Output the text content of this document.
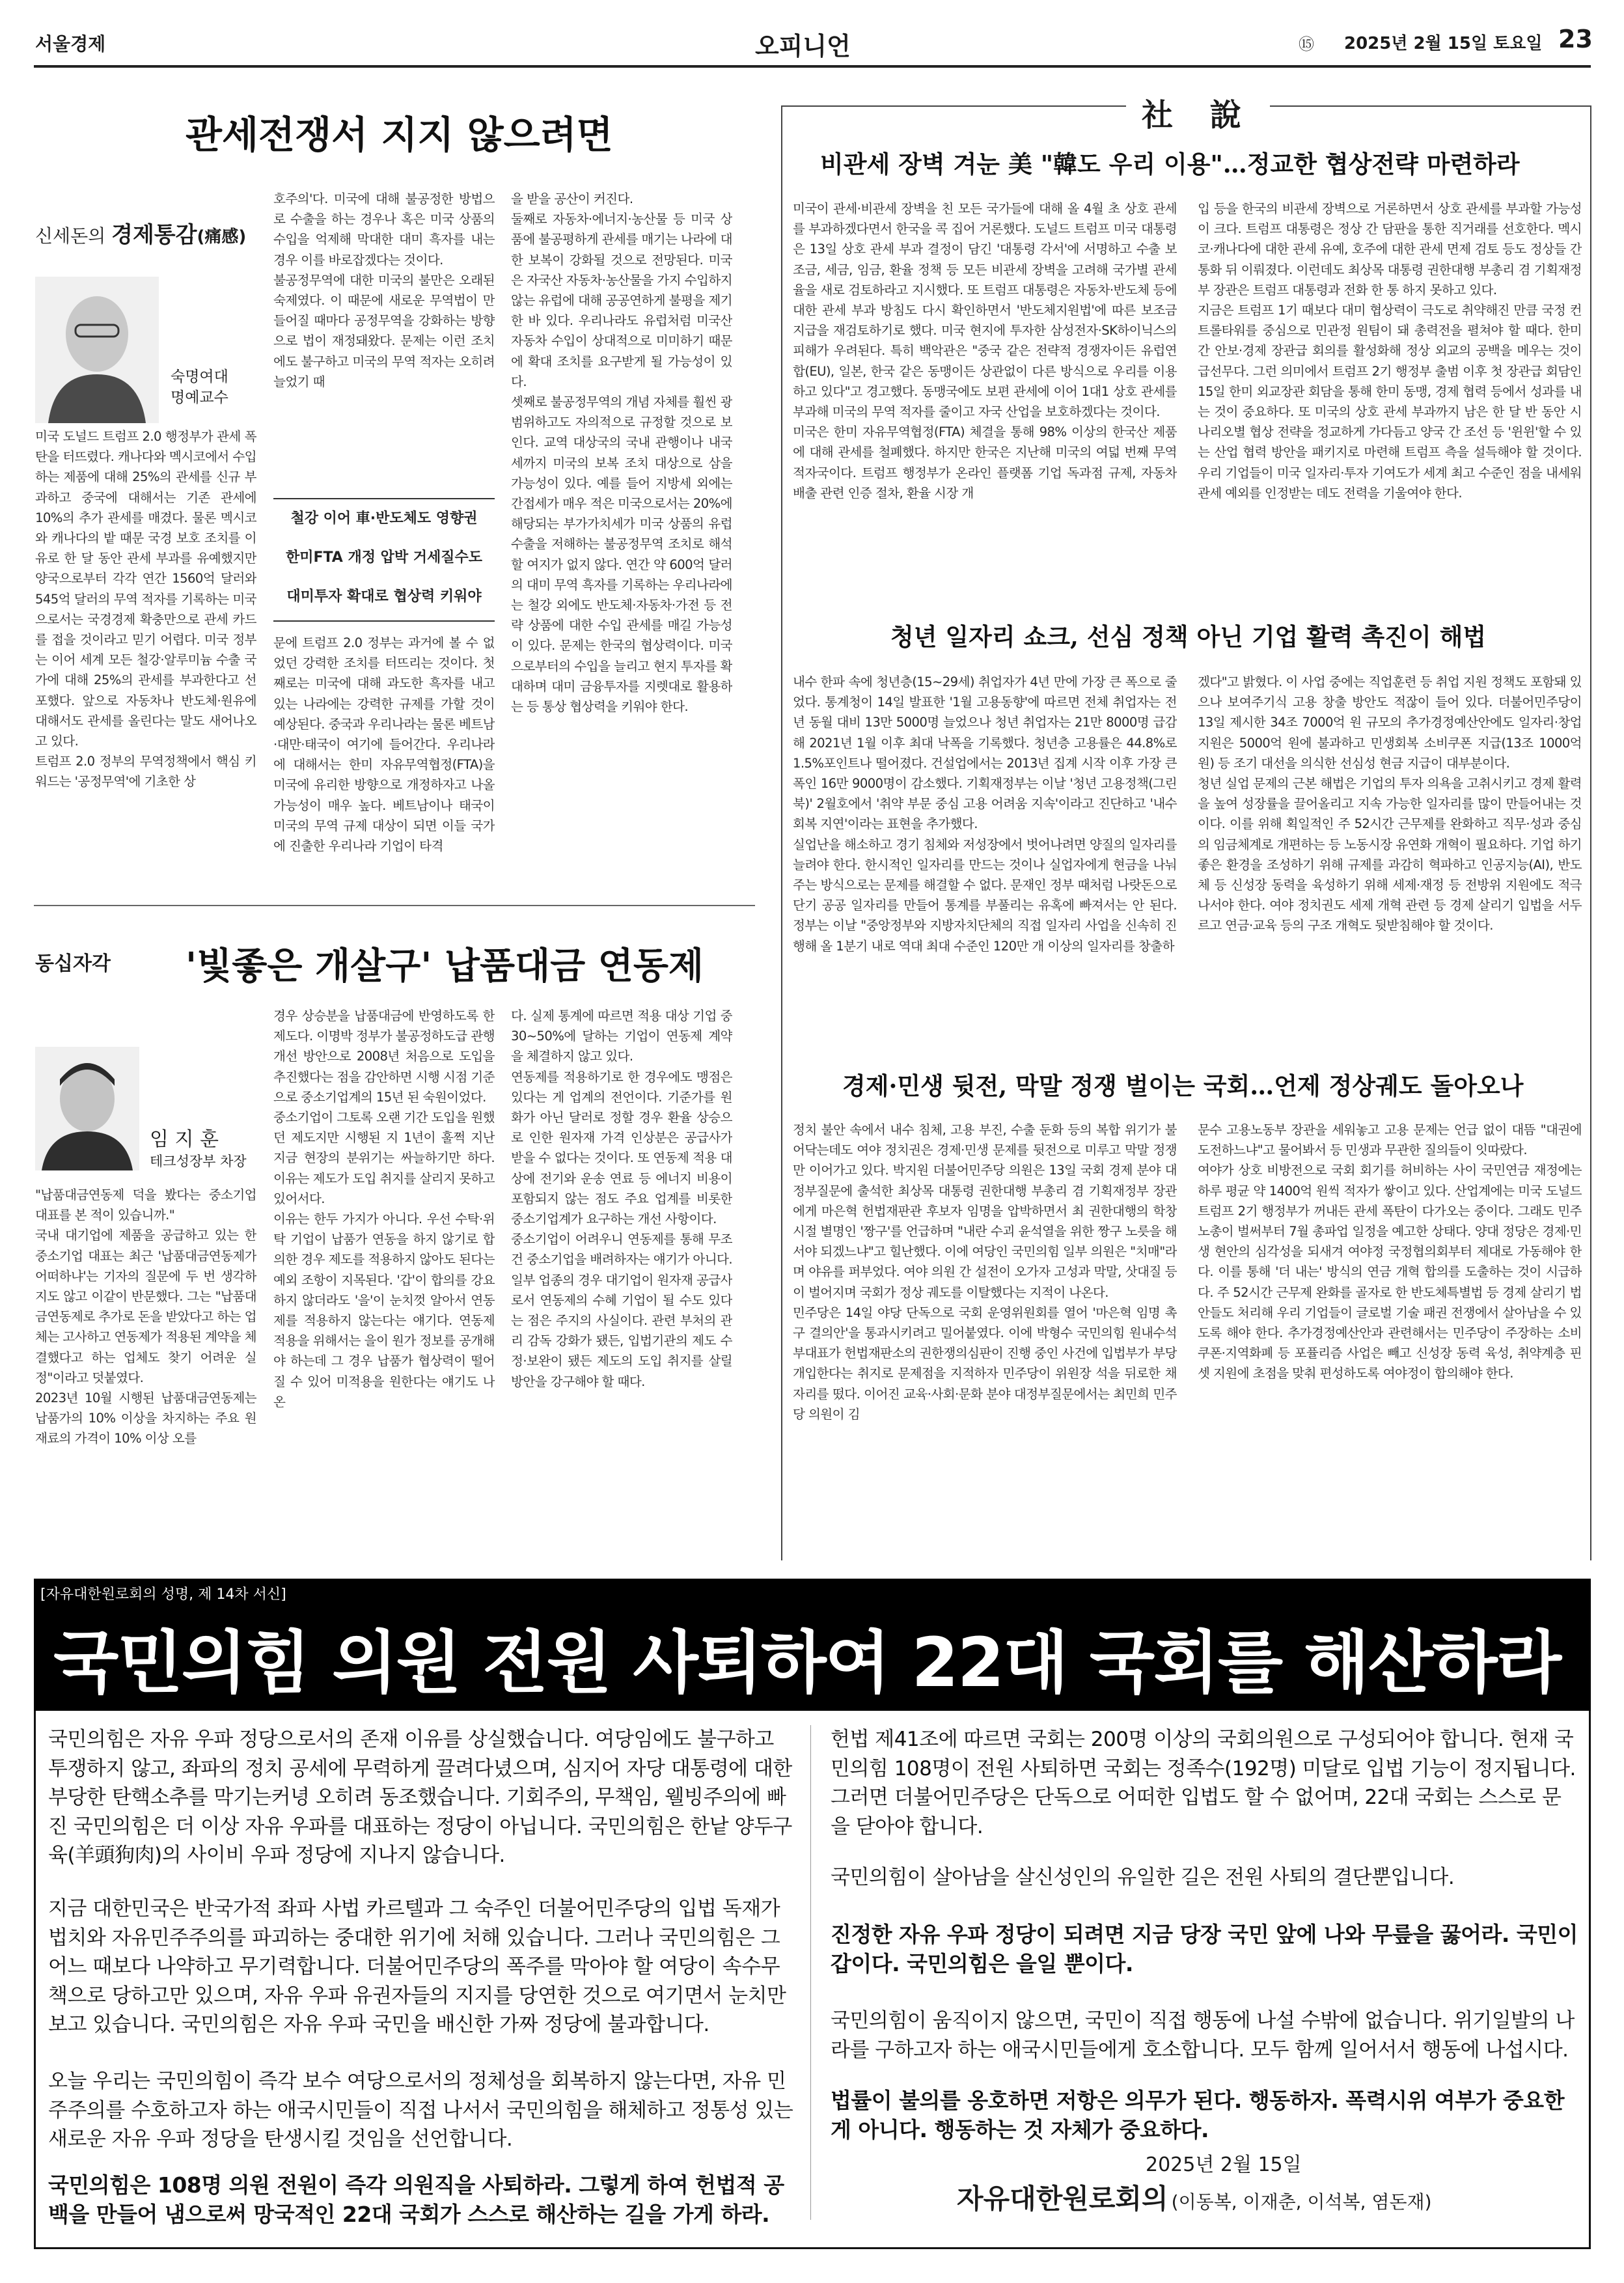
서울경제	오피니언	⑮ 2025년 2월 15일 토요일 23
관세전쟁서 지지 않으려면
신세돈의 경제통감(痛感)
숙명여대
명예교수
미국 도널드 트럼프 2.0 행정부가 관세 폭탄을 터뜨렸다. 캐나다와 멕시코에서 수입하는 제품에 대해 25%의 관세를 신규 부과하고 중국에 대해서는 기존 관세에 10%의 추가 관세를 매겼다. 물론 멕시코와 캐나다의 밭 때문 국경 보호 조치를 이유로 한 달 동안 관세 부과를 유예했지만 양국으로부터 각각 연간 1560억 달러와 545억 달러의 무역 적자를 기록하는 미국으로서는 국경경제 확충만으로 관세 카드를 접을 것이라고 믿기 어렵다. 미국 정부는 이어 세계 모든 철강·알루미늄 수출 국가에 대해 25%의 관세를 부과한다고 선포했다. 앞으로 자동차나 반도체·원유에 대해서도 관세를 올린다는 말도 새어나오고 있다.
트럼프 2.0 정부의 무역정책에서 핵심 키워드는 '공정무역'에 기초한 상
호주의'다. 미국에 대해 불공정한 방법으로 수출을 하는 경우나 혹은 미국 상품의 수입을 억제해 막대한 대미 흑자를 내는 경우 이를 바로잡겠다는 것이다.
불공정무역에 대한 미국의 불만은 오래된 숙제였다. 이 때문에 새로운 무역법이 만들어질 때마다 공정무역을 강화하는 방향으로 법이 재정돼왔다. 문제는 이런 조치에도 불구하고 미국의 무역 적자는 오히려 늘었기 때
철강 이어 車·반도체도 영향권
한미FTA 개정 압박 거세질수도
대미투자 확대로 협상력 키워야
문에 트럼프 2.0 정부는 과거에 볼 수 없었던 강력한 조치를 터뜨리는 것이다. 첫째로는 미국에 대해 과도한 흑자를 내고 있는 나라에는 강력한 규제를 가할 것이 예상된다. 중국과 우리나라는 물론 베트남·대만·태국이 여기에 들어간다. 우리나라에 대해서는 한미 자유무역협정(FTA)을 미국에 유리한 방향으로 개정하자고 나올 가능성이 매우 높다. 베트남이나 태국이 미국의 무역 규제 대상이 되면 이들 국가에 진출한 우리나라 기업이 타격
을 받을 공산이 커진다.
둘째로 자동차·에너지·농산물 등 미국 상품에 불공평하게 관세를 매기는 나라에 대한 보복이 강화될 것으로 전망된다. 미국은 자국산 자동차·농산물을 가지 수입하지 않는 유럽에 대해 공공연하게 불평을 제기한 바 있다. 우리나라도 유럽처럼 미국산 자동차 수입이 상대적으로 미미하기 때문에 확대 조치를 요구받게 될 가능성이 있다.
셋째로 불공정무역의 개념 자체를 훨씬 광범위하고도 자의적으로 규정할 것으로 보인다. 교역 대상국의 국내 관행이나 내국세까지 미국의 보복 조치 대상으로 삼을 가능성이 있다. 예를 들어 지방세 외에는 간접세가 매우 적은 미국으로서는 20%에 해당되는 부가가치세가 미국 상품의 유럽 수출을 저해하는 불공정무역 조치로 해석할 여지가 없지 않다. 연간 약 600억 달러의 대미 무역 흑자를 기록하는 우리나라에는 철강 외에도 반도체·자동차·가전 등 전략 상품에 대한 수입 관세를 매길 가능성이 있다. 문제는 한국의 협상력이다. 미국으로부터의 수입을 늘리고 현지 투자를 확대하며 대미 금융투자를 지렛대로 활용하는 등 통상 협상력을 키워야 한다.
동십자각 '빛좋은 개살구' 납품대금 연동제
임 지 훈
테크성장부 차장
"납품대금연동제 덕을 봤다는 중소기업 대표를 본 적이 있습니까."
국내 대기업에 제품을 공급하고 있는 한 중소기업 대표는 최근 '납품대금연동제가 어떠하냐'는 기자의 질문에 두 번 생각하지도 않고 이같이 반문했다. 그는 "납품대금연동제로 추가로 돈을 받았다고 하는 업체는 고사하고 연동제가 적용된 계약을 체결했다고 하는 업체도 찾기 어려운 실정"이라고 덧붙였다.
2023년 10월 시행된 납품대금연동제는 납품가의 10% 이상을 차지하는 주요 원재료의 가격이 10% 이상 오를
경우 상승분을 납품대금에 반영하도록 한 제도다. 이명박 정부가 불공정하도급 관행 개선 방안으로 2008년 처음으로 도입을 추진했다는 점을 감안하면 시행 시점 기준으로 중소기업계의 15년 된 숙원이었다.
중소기업이 그토록 오랜 기간 도입을 원했던 제도지만 시행된 지 1년이 훌쩍 지난 지금 현장의 분위기는 싸늘하기만 하다. 이유는 제도가 도입 취지를 살리지 못하고 있어서다.
이유는 한두 가지가 아니다. 우선 수탁·위탁 기업이 납품가 연동을 하지 않기로 합의한 경우 제도를 적용하지 않아도 된다는 예외 조항이 지목된다. '갑'이 합의를 강요하지 않더라도 '을'이 눈치껏 알아서 연동제를 적용하지 않는다는 얘기다. 연동제 적용을 위해서는 을이 원가 정보를 공개해야 하는데 그 경우 납품가 협상력이 떨어질 수 있어 미적용을 원한다는 얘기도 나온
다. 실제 통계에 따르면 적용 대상 기업 중 30~50%에 달하는 기업이 연동제 계약을 체결하지 않고 있다.
연동제를 적용하기로 한 경우에도 맹점은 있다는 게 업계의 전언이다. 기준가를 원화가 아닌 달러로 정할 경우 환율 상승으로 인한 원자재 가격 인상분은 공급사가 받을 수 없다는 것이다. 또 연동제 적용 대상에 전기와 운송 연료 등 에너지 비용이 포함되지 않는 점도 주요 업계를 비롯한 중소기업계가 요구하는 개선 사항이다.
중소기업이 어려우니 연동제를 통해 무조건 중소기업을 배려하자는 얘기가 아니다. 일부 업종의 경우 대기업이 원자재 공급사로서 연동제의 수혜 기업이 될 수도 있다는 점은 주지의 사실이다. 관련 부처의 관리 감독 강화가 됐든, 입법기관의 제도 수정·보완이 됐든 제도의 도입 취지를 살릴 방안을 강구해야 할 때다.
社 說
비관세 장벽 겨눈 美 "韓도 우리 이용"…정교한 협상전략 마련하라
미국이 관세·비관세 장벽을 친 모든 국가들에 대해 올 4월 초 상호 관세를 부과하겠다면서 한국을 콕 집어 거론했다. 도널드 트럼프 미국 대통령은 13일 상호 관세 부과 결정이 담긴 '대통령 각서'에 서명하고 수출 보조금, 세금, 임금, 환율 정책 등 모든 비관세 장벽을 고려해 국가별 관세율을 새로 검토하라고 지시했다. 또 트럼프 대통령은 자동차·반도체 등에 대한 관세 부과 방침도 다시 확인하면서 '반도체지원법'에 따른 보조금 지급을 재검토하기로 했다. 미국 현지에 투자한 삼성전자·SK하이닉스의 피해가 우려된다. 특히 백악관은 "중국 같은 전략적 경쟁자이든 유럽연합(EU), 일본, 한국 같은 동맹이든 상관없이 다른 방식으로 우리를 이용하고 있다"고 경고했다. 동맹국에도 보편 관세에 이어 1대1 상호 관세를 부과해 미국의 무역 적자를 줄이고 자국 산업을 보호하겠다는 것이다.
미국은 한미 자유무역협정(FTA) 체결을 통해 98% 이상의 한국산 제품에 대해 관세를 철폐했다. 하지만 한국은 지난해 미국의 여덟 번째 무역 적자국이다. 트럼프 행정부가 온라인 플랫폼 기업 독과점 규제, 자동차 배출 관련 인증 절차, 환율 시장 개
입 등을 한국의 비관세 장벽으로 거론하면서 상호 관세를 부과할 가능성이 크다. 트럼프 대통령은 정상 간 담판을 통한 직거래를 선호한다. 멕시코·캐나다에 대한 관세 유예, 호주에 대한 관세 면제 검토 등도 정상들 간 통화 뒤 이뤄졌다. 이런데도 최상목 대통령 권한대행 부총리 겸 기획재정부 장관은 트럼프 대통령과 전화 한 통 하지 못하고 있다.
지금은 트럼프 1기 때보다 대미 협상력이 극도로 취약해진 만큼 국정 컨트롤타워를 중심으로 민관정 원팀이 돼 총력전을 펼쳐야 할 때다. 한미 간 안보·경제 장관급 회의를 활성화해 정상 외교의 공백을 메우는 것이 급선무다. 그런 의미에서 트럼프 2기 행정부 출범 이후 첫 장관급 회담인 15일 한미 외교장관 회담을 통해 한미 동맹, 경제 협력 등에서 성과를 내는 것이 중요하다. 또 미국의 상호 관세 부과까지 남은 한 달 반 동안 시나리오별 협상 전략을 정교하게 가다듬고 양국 간 조선 등 '윈윈'할 수 있는 산업 협력 방안을 패키지로 마련해 트럼프 측을 설득해야 할 것이다. 우리 기업들이 미국 일자리·투자 기여도가 세계 최고 수준인 점을 내세워 관세 예외를 인정받는 데도 전력을 기울여야 한다.
청년 일자리 쇼크, 선심 정책 아닌 기업 활력 촉진이 해법
내수 한파 속에 청년층(15~29세) 취업자가 4년 만에 가장 큰 폭으로 줄었다. 통계청이 14일 발표한 '1월 고용동향'에 따르면 전체 취업자는 전년 동월 대비 13만 5000명 늘었으나 청년 취업자는 21만 8000명 급감해 2021년 1월 이후 최대 낙폭을 기록했다. 청년층 고용률은 44.8%로 1.5%포인트나 떨어졌다. 건설업에서는 2013년 집계 시작 이후 가장 큰 폭인 16만 9000명이 감소했다. 기획재정부는 이날 '청년 고용정책(그린북)' 2월호에서 '취약 부문 중심 고용 어려움 지속'이라고 진단하고 '내수 회복 지연'이라는 표현을 추가했다.
실업난을 해소하고 경기 침체와 저성장에서 벗어나려면 양질의 일자리를 늘려야 한다. 한시적인 일자리를 만드는 것이나 실업자에게 현금을 나눠주는 방식으로는 문제를 해결할 수 없다. 문재인 정부 때처럼 나랏돈으로 단기 공공 일자리를 만들어 통계를 부풀리는 유혹에 빠져서는 안 된다. 정부는 이날 "중앙정부와 지방자치단체의 직접 일자리 사업을 신속히 진행해 올 1분기 내로 역대 최대 수준인 120만 개 이상의 일자리를 창출하
겠다"고 밝혔다. 이 사업 중에는 직업훈련 등 취업 지원 정책도 포함돼 있으나 보여주기식 고용 창출 방안도 적잖이 들어 있다. 더불어민주당이 13일 제시한 34조 7000억 원 규모의 추가경정예산안에도 일자리·창업 지원은 5000억 원에 불과하고 민생회복 소비쿠폰 지급(13조 1000억 원) 등 조기 대선을 의식한 선심성 현금 지급이 대부분이다.
청년 실업 문제의 근본 해법은 기업의 투자 의욕을 고취시키고 경제 활력을 높여 성장률을 끌어올리고 지속 가능한 일자리를 많이 만들어내는 것이다. 이를 위해 획일적인 주 52시간 근무제를 완화하고 직무·성과 중심의 임금체계로 개편하는 등 노동시장 유연화 개혁이 필요하다. 기업 하기 좋은 환경을 조성하기 위해 규제를 과감히 혁파하고 인공지능(AI), 반도체 등 신성장 동력을 육성하기 위해 세제·재정 등 전방위 지원에도 적극 나서야 한다. 여야 정치권도 세제 개혁 관련 등 경제 살리기 입법을 서두르고 연금·교육 등의 구조 개혁도 뒷받침해야 할 것이다.
경제·민생 뒷전, 막말 정쟁 벌이는 국회…언제 정상궤도 돌아오나
정치 불안 속에서 내수 침체, 고용 부진, 수출 둔화 등의 복합 위기가 불어닥는데도 여야 정치권은 경제·민생 문제를 뒷전으로 미루고 막말 정쟁만 이어가고 있다. 박지원 더불어민주당 의원은 13일 국회 경제 분야 대정부질문에 출석한 최상목 대통령 권한대행 부총리 겸 기획재정부 장관에게 마은혁 헌법재판관 후보자 임명을 압박하면서 최 권한대행의 학창 시절 별명인 '짱구'를 언급하며 "내란 수괴 윤석열을 위한 짱구 노릇을 해서야 되겠느냐"고 힐난했다. 이에 여당인 국민의힘 일부 의원은 "치매"라며 야유를 퍼부었다. 여야 의원 간 설전이 오가자 고성과 막말, 삿대질 등이 벌어지며 국회가 정상 궤도를 이탈했다는 지적이 나온다.
민주당은 14일 야당 단독으로 국회 운영위원회를 열어 '마은혁 임명 촉구 결의안'을 통과시키려고 밀어붙였다. 이에 박형수 국민의힘 원내수석부대표가 헌법재판소의 권한쟁의심판이 진행 중인 사건에 입법부가 부당 개입한다는 취지로 문제점을 지적하자 민주당이 위원장 석을 뒤로한 채 자리를 떴다. 이어진 교육·사회·문화 분야 대정부질문에서는 최민희 민주당 의원이 김
문수 고용노동부 장관을 세워놓고 고용 문제는 언급 없이 대뜸 "대권에 도전하느냐"고 물어봐서 등 민생과 무관한 질의들이 잇따랐다.
여야가 상호 비방전으로 국회 회기를 허비하는 사이 국민연금 재정에는 하루 평균 약 1400억 원씩 적자가 쌓이고 있다. 산업계에는 미국 도널드 트럼프 2기 행정부가 꺼내든 관세 폭탄이 다가오는 중이다. 그래도 민주노총이 벌써부터 7월 총파업 일정을 예고한 상태다. 양대 정당은 경제·민생 현안의 심각성을 되새겨 여야정 국정협의회부터 제대로 가동해야 한다. 이를 통해 '더 내는' 방식의 연금 개혁 합의를 도출하는 것이 시급하다. 주 52시간 근무제 완화를 골자로 한 반도체특별법 등 경제 살리기 법안들도 처리해 우리 기업들이 글로벌 기술 패권 전쟁에서 살아남을 수 있도록 해야 한다. 추가경정예산안과 관련해서는 민주당이 주장하는 소비쿠폰·지역화폐 등 포퓰리즘 사업은 빼고 신성장 동력 육성, 취약계층 핀셋 지원에 초점을 맞춰 편성하도록 여야정이 합의해야 한다.
[자유대한원로회의 성명, 제 14차 서신]
국민의힘 의원 전원 사퇴하여 22대 국회를 해산하라
국민의힘은 자유 우파 정당으로서의 존재 이유를 상실했습니다. 여당임에도 불구하고 투쟁하지 않고, 좌파의 정치 공세에 무력하게 끌려다녔으며, 심지어 자당 대통령에 대한 부당한 탄핵소추를 막기는커녕 오히려 동조했습니다. 기회주의, 무책임, 웰빙주의에 빠진 국민의힘은 더 이상 자유 우파를 대표하는 정당이 아닙니다. 국민의힘은 한낱 양두구육(羊頭狗肉)의 사이비 우파 정당에 지나지 않습니다.
지금 대한민국은 반국가적 좌파 사법 카르텔과 그 숙주인 더불어민주당의 입법 독재가 법치와 자유민주주의를 파괴하는 중대한 위기에 처해 있습니다. 그러나 국민의힘은 그 어느 때보다 나약하고 무기력합니다. 더불어민주당의 폭주를 막아야 할 여당이 속수무책으로 당하고만 있으며, 자유 우파 유권자들의 지지를 당연한 것으로 여기면서 눈치만 보고 있습니다. 국민의힘은 자유 우파 국민을 배신한 가짜 정당에 불과합니다.
오늘 우리는 국민의힘이 즉각 보수 여당으로서의 정체성을 회복하지 않는다면, 자유 민주주의를 수호하고자 하는 애국시민들이 직접 나서서 국민의힘을 해체하고 정통성 있는 새로운 자유 우파 정당을 탄생시킬 것임을 선언합니다.
국민의힘은 108명 의원 전원이 즉각 의원직을 사퇴하라. 그렇게 하여 헌법적 공백을 만들어 냄으로써 망국적인 22대 국회가 스스로 해산하는 길을 가게 하라.
헌법 제41조에 따르면 국회는 200명 이상의 국회의원으로 구성되어야 합니다. 현재 국민의힘 108명이 전원 사퇴하면 국회는 정족수(192명) 미달로 입법 기능이 정지됩니다. 그러면 더불어민주당은 단독으로 어떠한 입법도 할 수 없어며, 22대 국회는 스스로 문을 닫아야 합니다.
국민의힘이 살아남을 살신성인의 유일한 길은 전원 사퇴의 결단뿐입니다.
진정한 자유 우파 정당이 되려면 지금 당장 국민 앞에 나와 무릎을 꿇어라. 국민이 갑이다. 국민의힘은 을일 뿐이다.
국민의힘이 움직이지 않으면, 국민이 직접 행동에 나설 수밖에 없습니다. 위기일발의 나라를 구하고자 하는 애국시민들에게 호소합니다. 모두 함께 일어서서 행동에 나섭시다.
법률이 불의를 옹호하면 저항은 의무가 된다. 행동하자. 폭력시위 여부가 중요한 게 아니다. 행동하는 것 자체가 중요하다.
2025년 2월 15일
자유대한원로회의 (이동복, 이재춘, 이석복, 염돈재)
